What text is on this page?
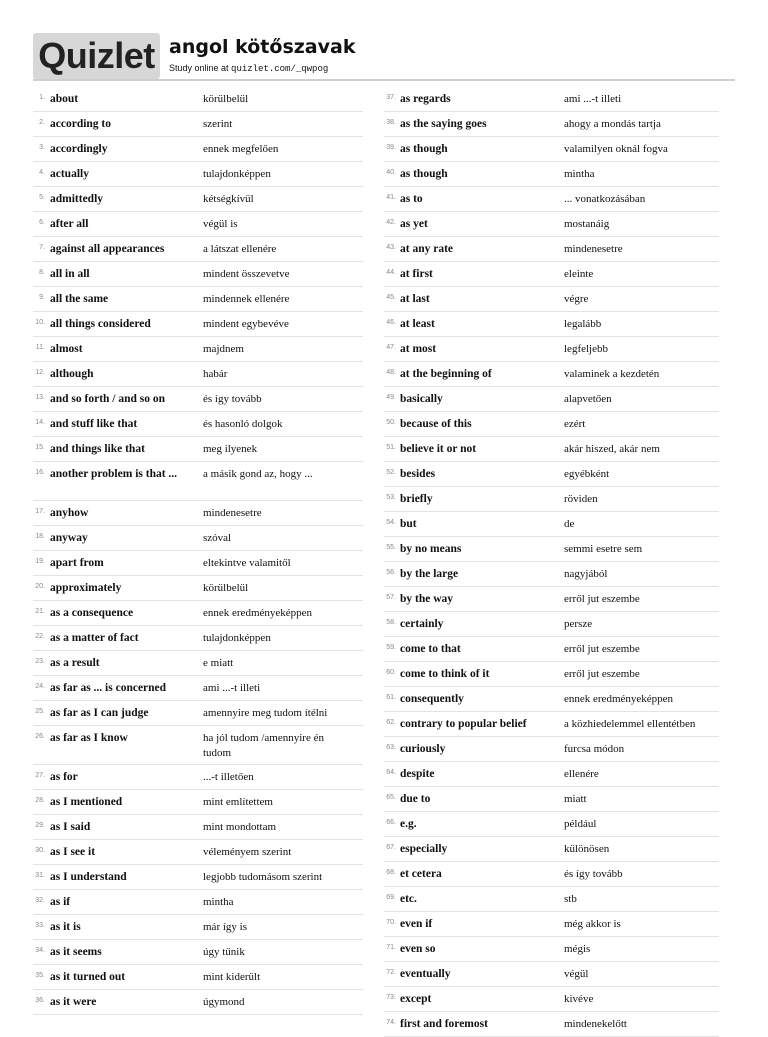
Quizlet angol kötőszavak
Study online at quizlet.com/_qwpog
1. about	körülbelül
2. according to	szerint
3. accordingly	ennek megfelően
4. actually	tulajdonképpen
5. admittedly	kétségkívül
6. after all	végül is
7. against all appearances	a látszat ellenére
8. all in all	mindent összevetve
9. all the same	mindennek ellenére
10. all things considered	mindent egybevéve
11. almost	majdnem
12. although	habár
13. and so forth / and so on	és így tovább
14. and stuff like that	és hasonló dolgok
15. and things like that	meg ilyenek
16. another problem is that ...	a másik gond az, hogy ...
17. anyhow	mindenesetre
18. anyway	szóval
19. apart from	eltekintve valamitől
20. approximately	körülbelül
21. as a consequence	ennek eredményeképpen
22. as a matter of fact	tulajdonképpen
23. as a result	e miatt
24. as far as ... is concerned	ami ...-t illeti
25. as far as I can judge	amennyire meg tudom ítélni
26. as far as I know	ha jól tudom /amennyire én tudom
27. as for	...-t illetően
28. as I mentioned	mint említettem
29. as I said	mint mondottam
30. as I see it	véleményem szerint
31. as I understand	legjobb tudomásom szerint
32. as if	mintha
33. as it is	már így is
34. as it seems	úgy tűnik
35. as it turned out	mint kiderült
36. as it were	úgymond
37. as regards	ami ...-t illeti
38. as the saying goes	ahogy a mondás tartja
39. as though	valamilyen oknál fogva
40. as though	mintha
41. as to	... vonatkozásában
42. as yet	mostanáig
43. at any rate	mindenesetre
44. at first	eleinte
45. at last	végre
46. at least	legalább
47. at most	legfeljebb
48. at the beginning of	valaminek a kezdetén
49. basically	alapvetően
50. because of this	ezért
51. believe it or not	akár hiszed, akár nem
52. besides	egyébként
53. briefly	röviden
54. but	de
55. by no means	semmi esetre sem
56. by the large	nagyjából
57. by the way	erről jut eszembe
58. certainly	persze
59. come to that	erről jut eszembe
60. come to think of it	erről jut eszembe
61. consequently	ennek eredményeképpen
62. contrary to popular belief	a közhiedelemmel ellentétben
63. curiously	furcsa módon
64. despite	ellenére
65. due to	miatt
66. e.g.	például
67. especially	különösen
68. et cetera	és így tovább
69. etc.	stb
70. even if	még akkor is
71. even so	mégis
72. eventually	végül
73. except	kivéve
74. first and foremost	mindenekelőtt
